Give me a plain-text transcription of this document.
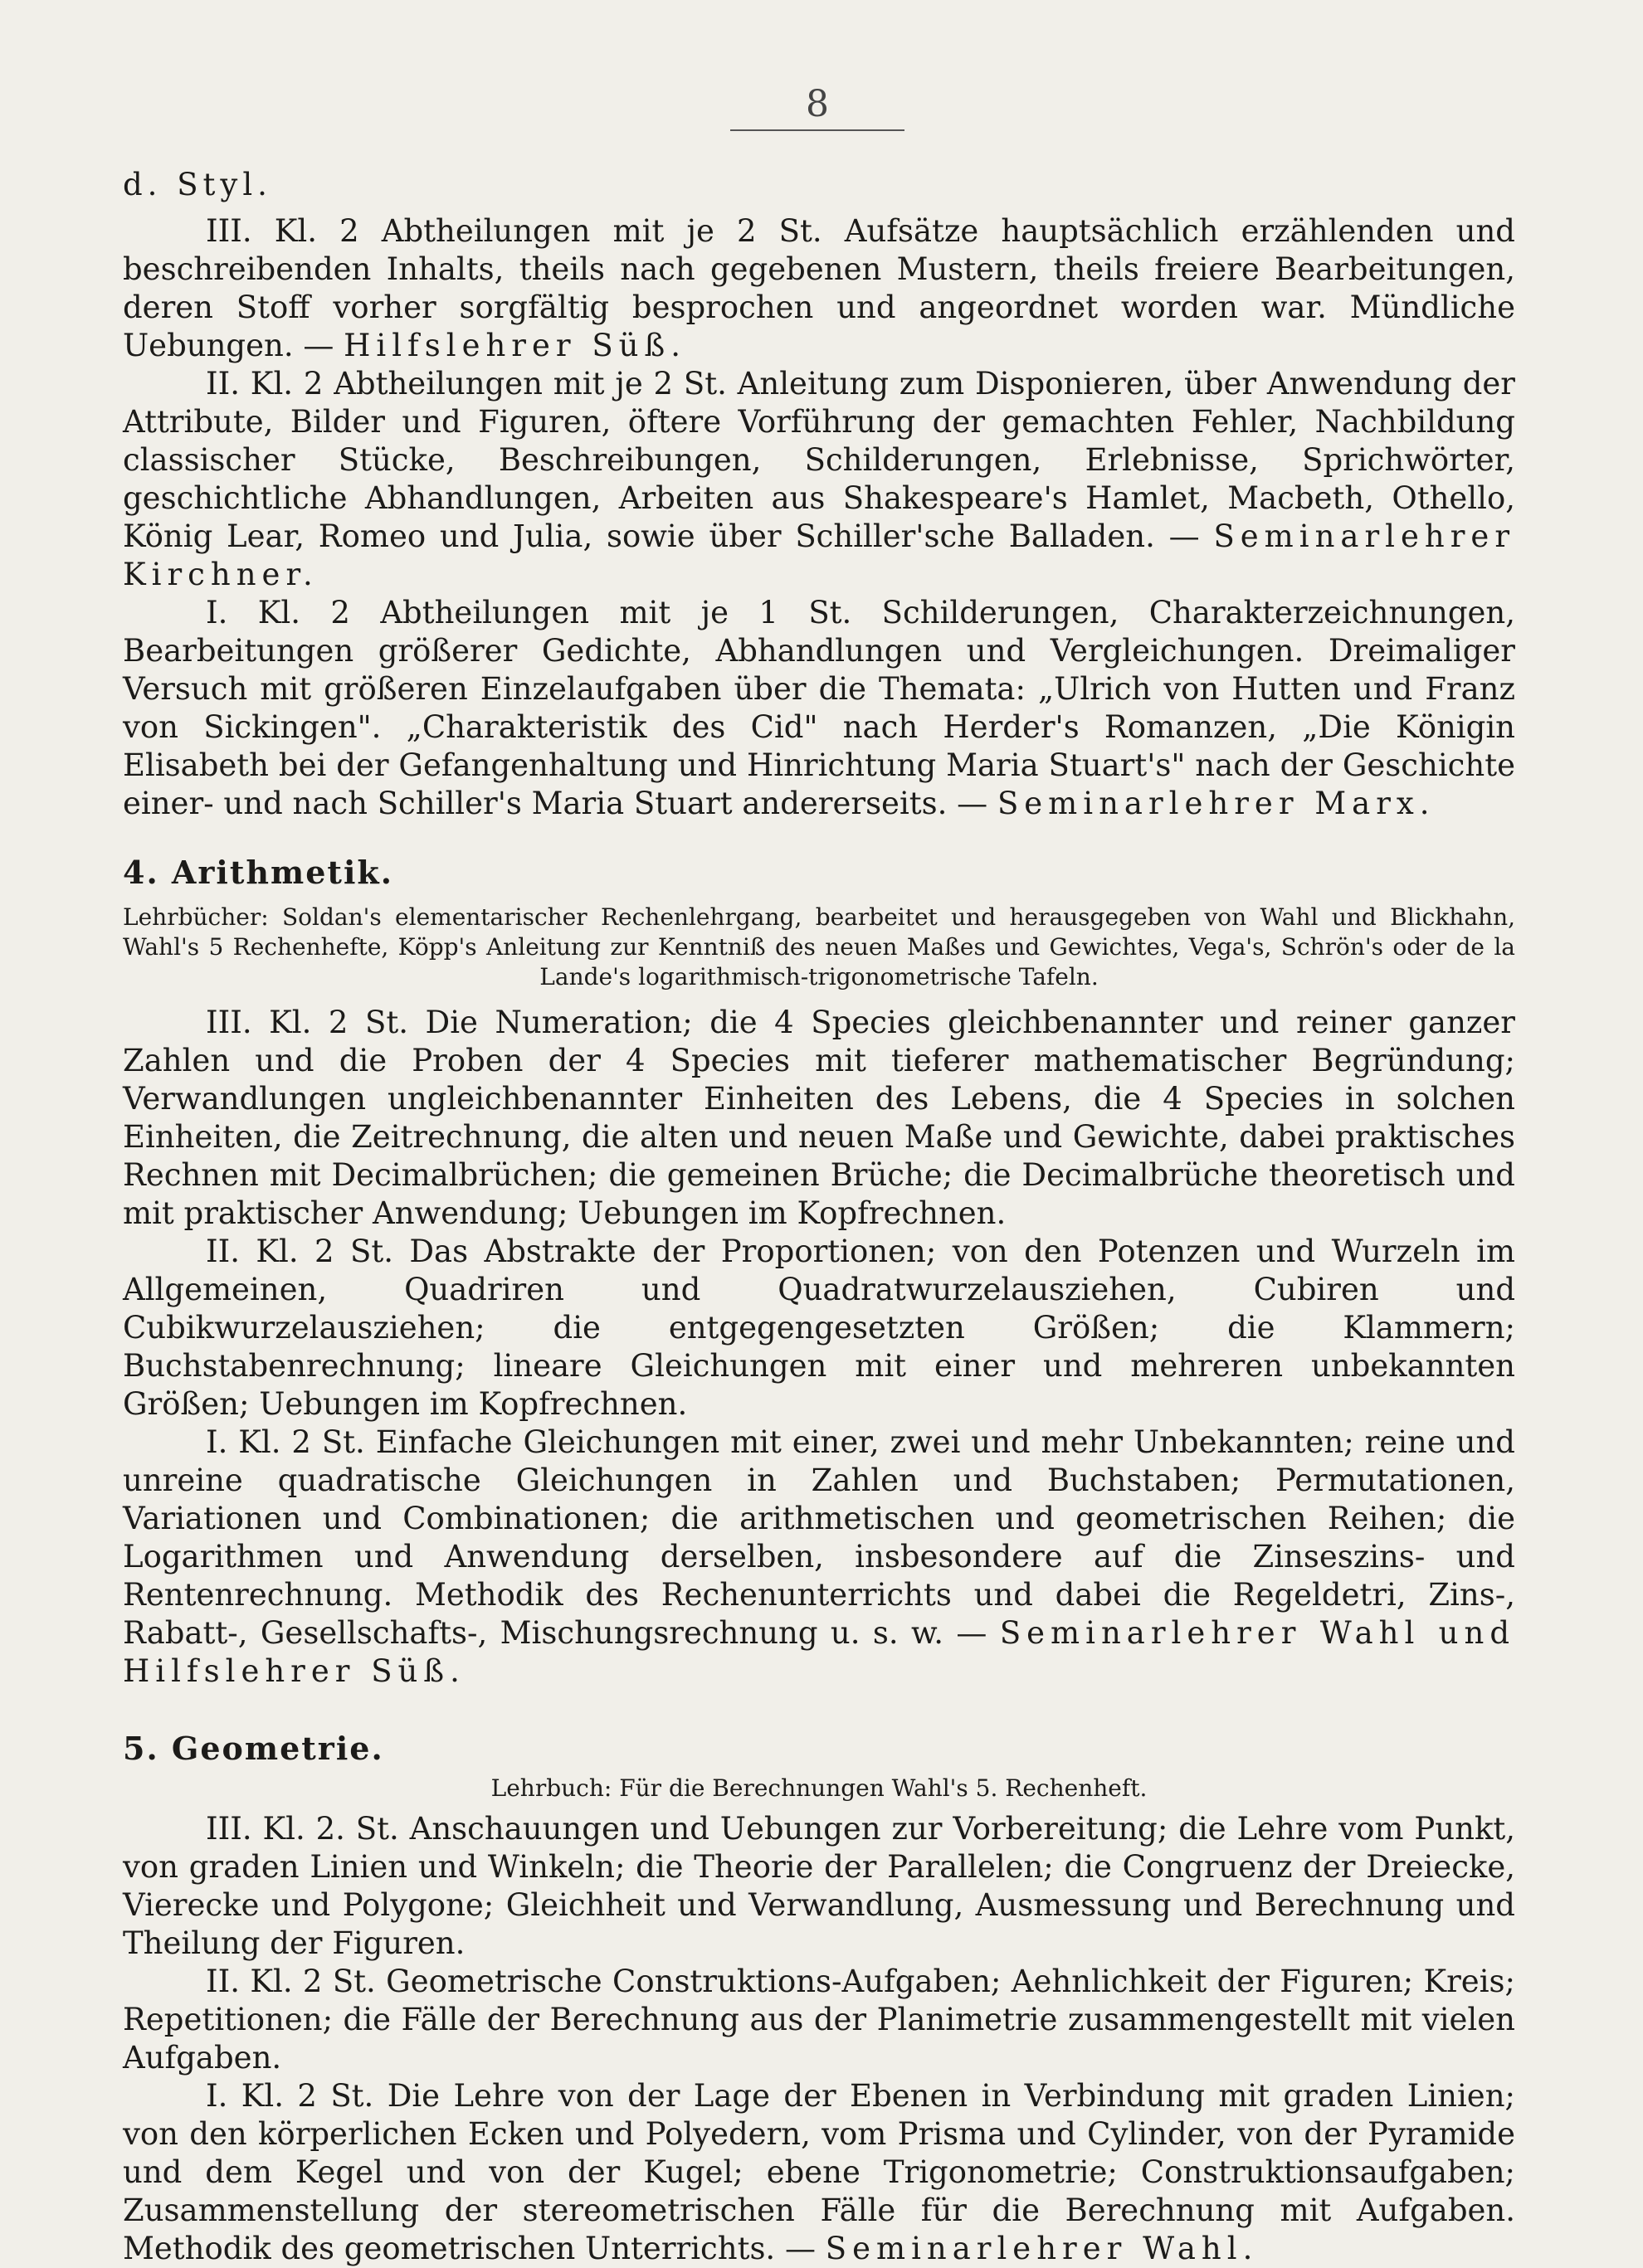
8

d. Styl.

III. Kl. 2 Abtheilungen mit je 2 St. Aufsätze hauptsächlich erzählenden und beschreibenden Inhalts, theils nach gegebenen Mustern, theils freiere Bearbeitungen, deren Stoff vorher sorgfältig besprochen und angeordnet worden war. Mündliche Uebungen. — Hilfslehrer Süß.

II. Kl. 2 Abtheilungen mit je 2 St. Anleitung zum Disponieren, über Anwendung der Attribute, Bilder und Figuren, öftere Vorführung der gemachten Fehler, Nachbildung classischer Stücke, Beschreibungen, Schilderungen, Erlebnisse, Sprichwörter, geschichtliche Abhandlungen, Arbeiten aus Shakespeare's Hamlet, Macbeth, Othello, König Lear, Romeo und Julia, sowie über Schiller'sche Balladen. — Seminarlehrer Kirchner.

I. Kl. 2 Abtheilungen mit je 1 St. Schilderungen, Charakterzeichnungen, Bearbeitungen größerer Gedichte, Abhandlungen und Vergleichungen. Dreimaliger Versuch mit größeren Einzelaufgaben über die Themata: „Ulrich von Hutten und Franz von Sickingen". „Charakteristik des Cid" nach Herder's Romanzen, „Die Königin Elisabeth bei der Gefangenhaltung und Hinrichtung Maria Stuart's" nach der Geschichte einer- und nach Schiller's Maria Stuart andererseits. — Seminarlehrer Marx.

4. Arithmetik.

Lehrbücher: Soldan's elementarischer Rechenlehrgang, bearbeitet und herausgegeben von Wahl und Blickhahn, Wahl's 5 Rechenhefte, Köpp's Anleitung zur Kenntniß des neuen Maßes und Gewichtes, Vega's, Schrön's oder de la Lande's logarithmisch-trigonometrische Tafeln.

III. Kl. 2 St. Die Numeration; die 4 Species gleichbenannter und reiner ganzer Zahlen und die Proben der 4 Species mit tieferer mathematischer Begründung; Verwandlungen ungleichbenannter Einheiten des Lebens, die 4 Species in solchen Einheiten, die Zeitrechnung, die alten und neuen Maße und Gewichte, dabei praktisches Rechnen mit Decimalbrüchen; die gemeinen Brüche; die Decimalbrüche theoretisch und mit praktischer Anwendung; Uebungen im Kopfrechnen.

II. Kl. 2 St. Das Abstrakte der Proportionen; von den Potenzen und Wurzeln im Allgemeinen, Quadriren und Quadratwurzelausziehen, Cubiren und Cubikwurzelausziehen; die entgegengesetzten Größen; die Klammern; Buchstabenrechnung; lineare Gleichungen mit einer und mehreren unbekannten Größen; Uebungen im Kopfrechnen.

I. Kl. 2 St. Einfache Gleichungen mit einer, zwei und mehr Unbekannten; reine und unreine quadratische Gleichungen in Zahlen und Buchstaben; Permutationen, Variationen und Combinationen; die arithmetischen und geometrischen Reihen; die Logarithmen und Anwendung derselben, insbesondere auf die Zinseszins- und Rentenrechnung. Methodik des Rechenunterrichts und dabei die Regeldetri, Zins-, Rabatt-, Gesellschafts-, Mischungsrechnung u. s. w. — Seminarlehrer Wahl und Hilfslehrer Süß.

5. Geometrie.

Lehrbuch: Für die Berechnungen Wahl's 5. Rechenheft.

III. Kl. 2. St. Anschauungen und Uebungen zur Vorbereitung; die Lehre vom Punkt, von graden Linien und Winkeln; die Theorie der Parallelen; die Congruenz der Dreiecke, Vierecke und Polygone; Gleichheit und Verwandlung, Ausmessung und Berechnung und Theilung der Figuren.

II. Kl. 2 St. Geometrische Construktions-Aufgaben; Aehnlichkeit der Figuren; Kreis; Repetitionen; die Fälle der Berechnung aus der Planimetrie zusammengestellt mit vielen Aufgaben.

I. Kl. 2 St. Die Lehre von der Lage der Ebenen in Verbindung mit graden Linien; von den körperlichen Ecken und Polyedern, vom Prisma und Cylinder, von der Pyramide und dem Kegel und von der Kugel; ebene Trigonometrie; Construktionsaufgaben; Zusammenstellung der stereometrischen Fälle für die Berechnung mit Aufgaben. Methodik des geometrischen Unterrichts. — Seminarlehrer Wahl.
